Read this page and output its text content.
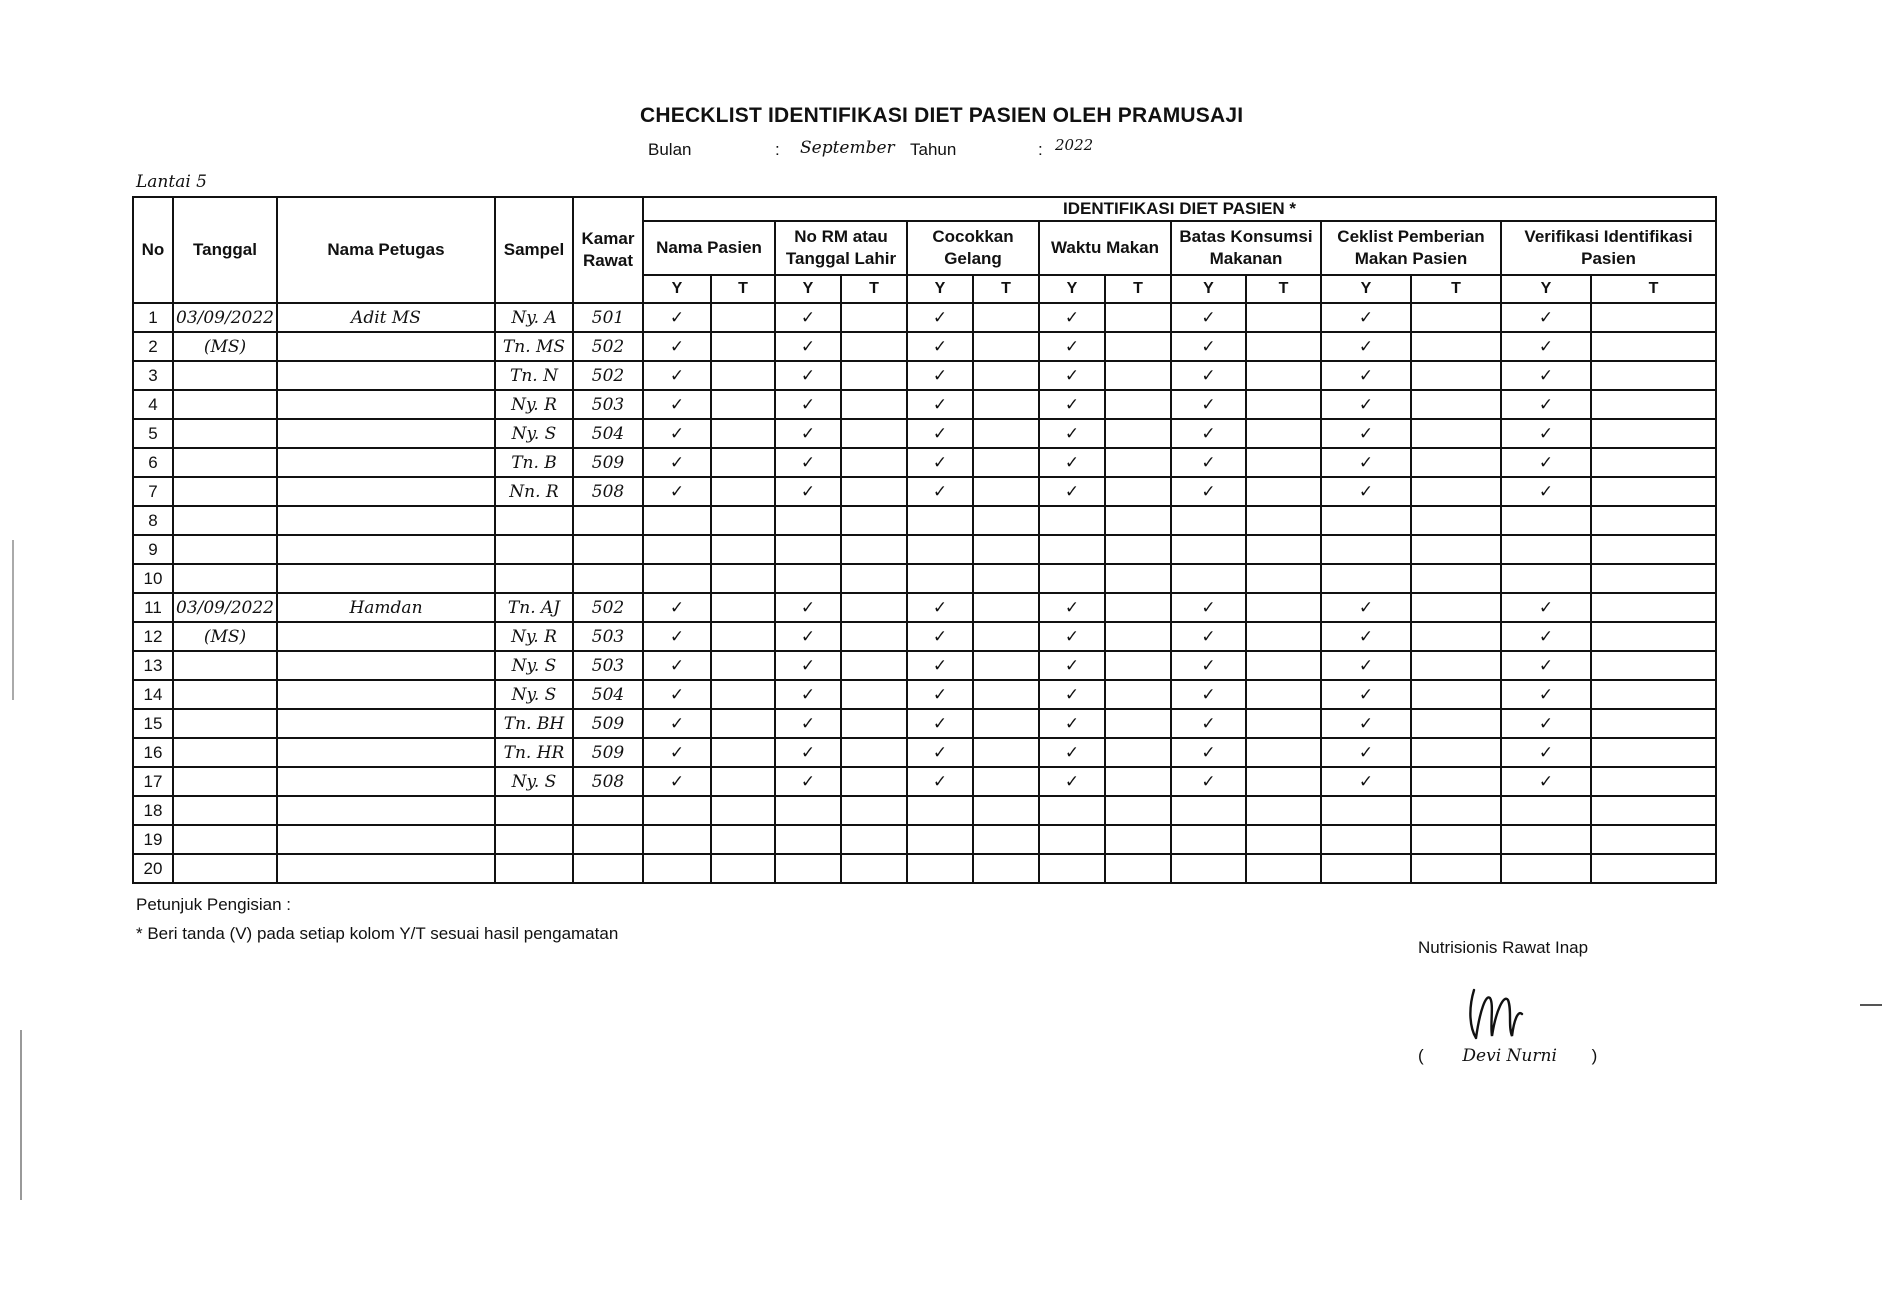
CHECKLIST IDENTIFIKASI DIET PASIEN OLEH PRAMUSAJI
Bulan	: September Tahun	: 2022
Lantai 5
No	Tanggal	Nama Petugas	Sampel	Kamar Rawat	IDENTIFIKASI DIET PASIEN *													
					Nama Pasien		No RM atau Tanggal Lahir		Cocokkan Gelang		Waktu Makan		Batas Konsumsi Makanan		Ceklist Pemberian Makan Pasien		Verifikasi Identifikasi Pasien	
					Y	T	Y	T	Y	T	Y	T	Y	T	Y	T	Y	T
1	03/09/2022	Adit MS	Ny. A	501	✓		✓		✓		✓		✓		✓		✓	
2	(MS)		Tn. MS	502	✓		✓		✓		✓		✓		✓		✓	
3			Tn. N	502	✓		✓		✓		✓		✓		✓		✓	
4			Ny. R	503	✓		✓		✓		✓		✓		✓		✓	
5			Ny. S	504	✓		✓		✓		✓		✓		✓		✓	
6			Tn. B	509	✓		✓		✓		✓		✓		✓		✓	
7			Nn. R	508	✓		✓		✓		✓		✓		✓		✓	
8																		
9																		
10																		
11	03/09/2022	Hamdan	Tn. AJ	502	✓		✓		✓		✓		✓		✓		✓	
12	(MS)		Ny. R	503	✓		✓		✓		✓		✓		✓		✓	
13			Ny. S	503	✓		✓		✓		✓		✓		✓		✓	
14			Ny. S	504	✓		✓		✓		✓		✓		✓		✓	
15			Tn. BH	509	✓		✓		✓		✓		✓		✓		✓	
16			Tn. HR	509	✓		✓		✓		✓		✓		✓		✓	
17			Ny. S	508	✓		✓		✓		✓		✓		✓		✓	
18																		
19																		
20																		
Petunjuk Pengisian :
* Beri tanda (V) pada setiap kolom Y/T sesuai hasil pengamatan
Nutrisionis Rawat Inap
( Devi Nurni )
